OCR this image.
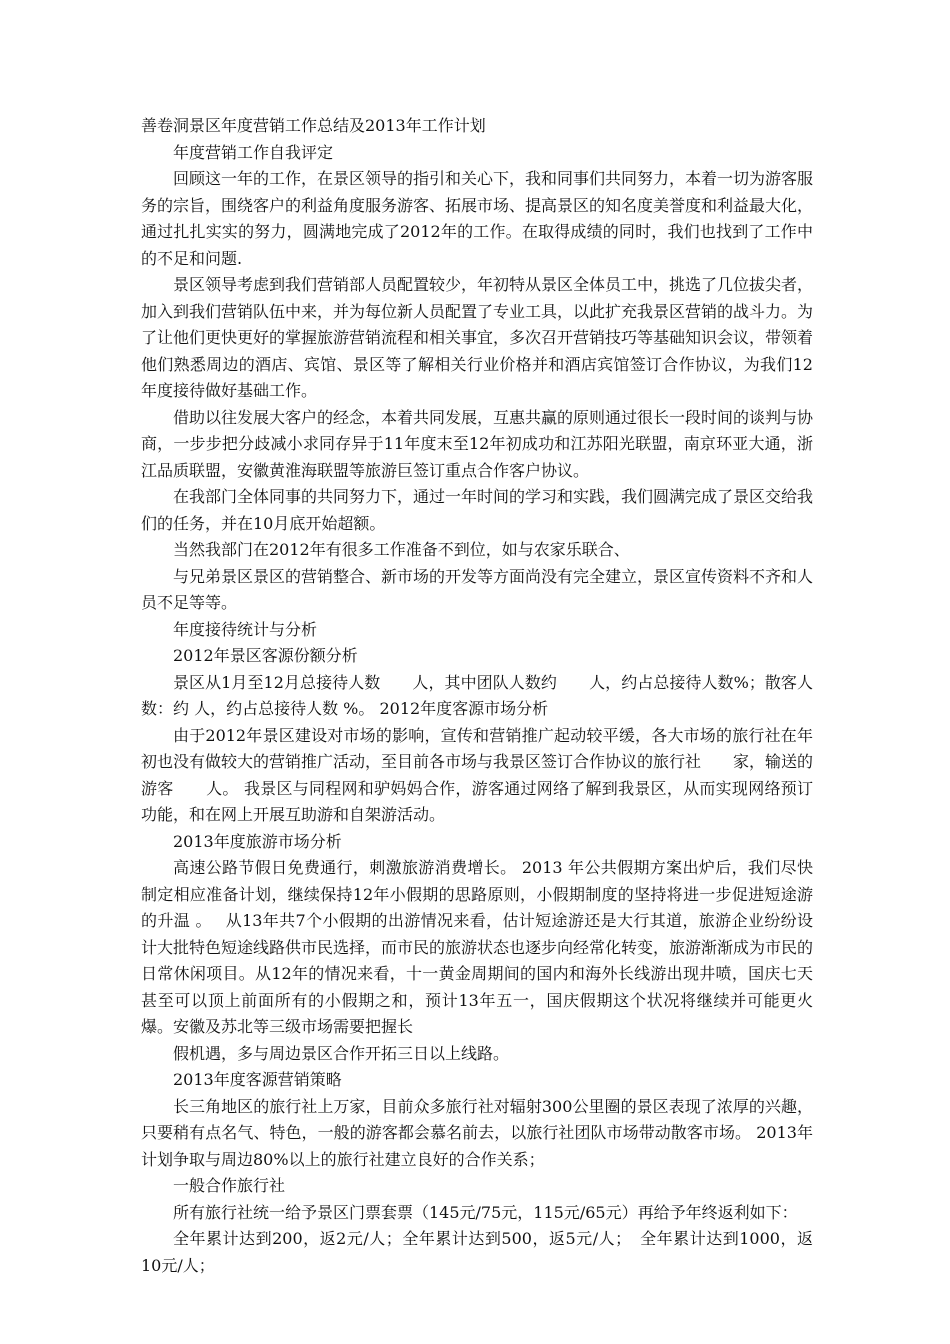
善卷洞景区年度营销工作总结及2013年工作计划

年度营销工作自我评定

回顾这一年的工作，在景区领导的指引和关心下，我和同事们共同努力，本着一切为游客服务的宗旨，围绕客户的利益角度服务游客、拓展市场、提高景区的知名度美誉度和利益最大化，通过扎扎实实的努力，圆满地完成了2012年的工作。在取得成绩的同时，我们也找到了工作中的不足和问题.

景区领导考虑到我们营销部人员配置较少，年初特从景区全体员工中，挑选了几位拔尖者，加入到我们营销队伍中来，并为每位新人员配置了专业工具，以此扩充我景区营销的战斗力。为了让他们更快更好的掌握旅游营销流程和相关事宜，多次召开营销技巧等基础知识会议，带领着他们熟悉周边的酒店、宾馆、景区等了解相关行业价格并和酒店宾馆签订合作协议，为我们12年度接待做好基础工作。

借助以往发展大客户的经念，本着共同发展，互惠共赢的原则通过很长一段时间的谈判与协商，一步步把分歧减小求同存异于11年度末至12年初成功和江苏阳光联盟，南京环亚大通，浙江品质联盟，安徽黄淮海联盟等旅游巨签订重点合作客户协议。

在我部门全体同事的共同努力下，通过一年时间的学习和实践，我们圆满完成了景区交给我们的任务，并在10月底开始超额。

当然我部门在2012年有很多工作准备不到位，如与农家乐联合、

与兄弟景区景区的营销整合、新市场的开发等方面尚没有完全建立，景区宣传资料不齐和人员不足等等。

年度接待统计与分析

2012年景区客源份额分析

景区从1月至12月总接待人数　　人，其中团队人数约　　人，约占总接待人数%；散客人数：约 人，约占总接待人数 %。 2012年度客源市场分析

由于2012年景区建设对市场的影响，宣传和营销推广起动较平缓，各大市场的旅行社在年初也没有做较大的营销推广活动，至目前各市场与我景区签订合作协议的旅行社　　家，输送的游客　　人。 我景区与同程网和驴妈妈合作，游客通过网络了解到我景区，从而实现网络预订功能，和在网上开展互助游和自架游活动。

2013年度旅游市场分析

高速公路节假日免费通行，刺激旅游消费增长。 2013 年公共假期方案出炉后，我们尽快制定相应准备计划，继续保持12年小假期的思路原则，小假期制度的坚持将进一步促进短途游的升温 。　 从13年共7个小假期的出游情况来看，估计短途游还是大行其道，旅游企业纷纷设计大批特色短途线路供市民选择，而市民的旅游状态也逐步向经常化转变，旅游渐渐成为市民的日常休闲项目。从12年的情况来看，十一黄金周期间的国内和海外长线游出现井喷，国庆七天甚至可以顶上前面所有的小假期之和，预计13年五一，国庆假期这个状况将继续并可能更火爆。安徽及苏北等三级市场需要把握长

假机遇，多与周边景区合作开拓三日以上线路。

2013年度客源营销策略

长三角地区的旅行社上万家，目前众多旅行社对辐射300公里圈的景区表现了浓厚的兴趣，只要稍有点名气、特色，一般的游客都会慕名前去，以旅行社团队市场带动散客市场。 2013年计划争取与周边80%以上的旅行社建立良好的合作关系；

一般合作旅行社

所有旅行社统一给予景区门票套票（145元/75元，115元/65元）再给予年终返利如下：

全年累计达到200，返2元/人；全年累计达到500，返5元/人；　全年累计达到1000，返10元/人；
